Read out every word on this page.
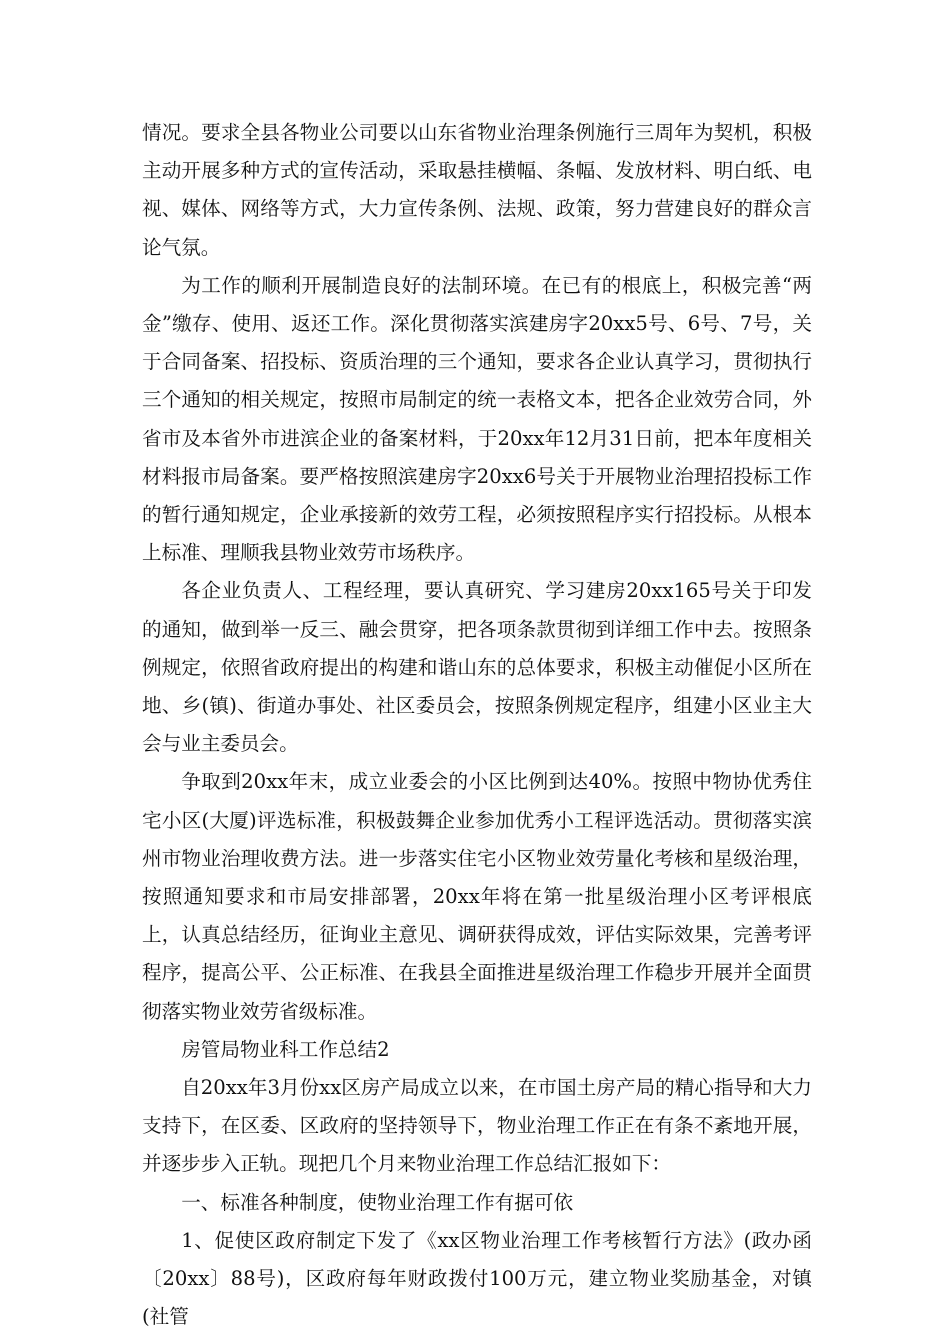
情况。要求全县各物业公司要以山东省物业治理条例施行三周年为契机，积极主动开展多种方式的宣传活动，采取悬挂横幅、条幅、发放材料、明白纸、电视、媒体、网络等方式，大力宣传条例、法规、政策，努力营建良好的群众言论气氛。

为工作的顺利开展制造良好的法制环境。在已有的根底上，积极完善“两金”缴存、使用、返还工作。深化贯彻落实滨建房字20xx5号、6号、7号，关于合同备案、招投标、资质治理的三个通知，要求各企业认真学习，贯彻执行三个通知的相关规定，按照市局制定的统一表格文本，把各企业效劳合同，外省市及本省外市进滨企业的备案材料，于20xx年12月31日前，把本年度相关材料报市局备案。要严格按照滨建房字20xx6号关于开展物业治理招投标工作的暂行通知规定，企业承接新的效劳工程，必须按照程序实行招投标。从根本上标准、理顺我县物业效劳市场秩序。

各企业负责人、工程经理，要认真研究、学习建房20xx165号关于印发的通知，做到举一反三、融会贯穿，把各项条款贯彻到详细工作中去。按照条例规定，依照省政府提出的构建和谐山东的总体要求，积极主动催促小区所在地、乡(镇)、街道办事处、社区委员会，按照条例规定程序，组建小区业主大会与业主委员会。

争取到20xx年末，成立业委会的小区比例到达40%。按照中物协优秀住宅小区(大厦)评选标准，积极鼓舞企业参加优秀小工程评选活动。贯彻落实滨州市物业治理收费方法。进一步落实住宅小区物业效劳量化考核和星级治理，按照通知要求和市局安排部署，20xx年将在第一批星级治理小区考评根底上，认真总结经历，征询业主意见、调研获得成效，评估实际效果，完善考评程序，提高公平、公正标准、在我县全面推进星级治理工作稳步开展并全面贯彻落实物业效劳省级标准。

房管局物业科工作总结2

自20xx年3月份xx区房产局成立以来，在市国土房产局的精心指导和大力支持下，在区委、区政府的坚持领导下，物业治理工作正在有条不紊地开展，并逐步步入正轨。现把几个月来物业治理工作总结汇报如下：

一、标准各种制度，使物业治理工作有据可依

1、促使区政府制定下发了《xx区物业治理工作考核暂行方法》(政办函〔20xx〕88号)，区政府每年财政拨付100万元，建立物业奖励基金，对镇(社管
